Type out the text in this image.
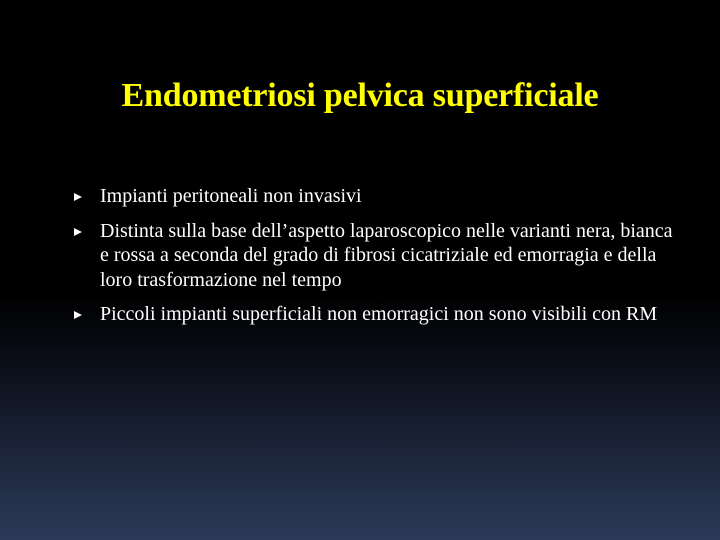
Endometriosi pelvica superficiale
Impianti peritoneali non invasivi
Distinta sulla base dell’aspetto laparoscopico nelle varianti nera, bianca e rossa a seconda del grado di fibrosi cicatriziale ed emorragia e della loro trasformazione nel tempo
Piccoli impianti superficiali non emorragici non sono visibili con RM
